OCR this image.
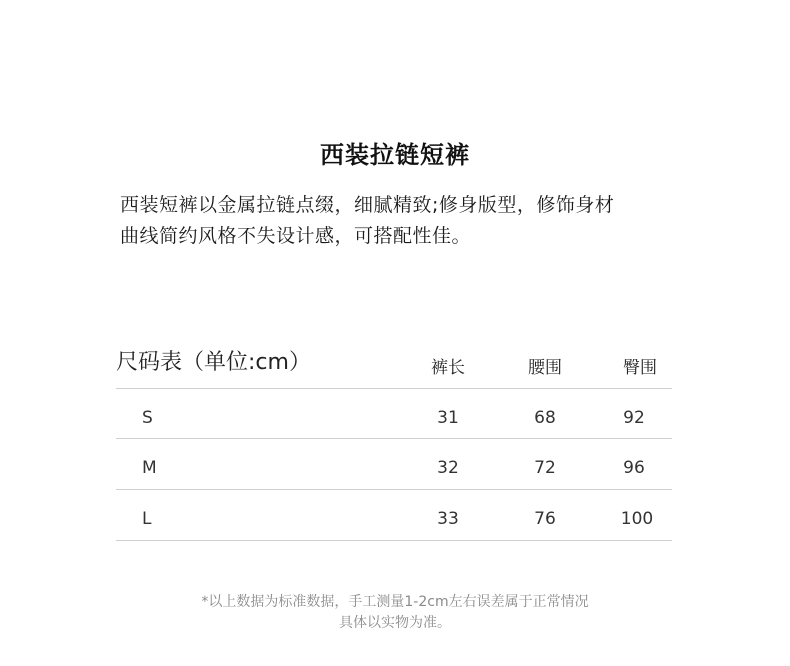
西装拉链短裤
西装短裤以金属拉链点缀，细腻精致;修身版型，修饰身材
曲线简约风格不失设计感，可搭配性佳。
尺码表（单位:cm）	裤长	腰围	臀围
S	31	68	92
M	32	72	96
L	33	76	100
*以上数据为标准数据，手工测量1-2cm左右误差属于正常情况
具体以实物为准。
